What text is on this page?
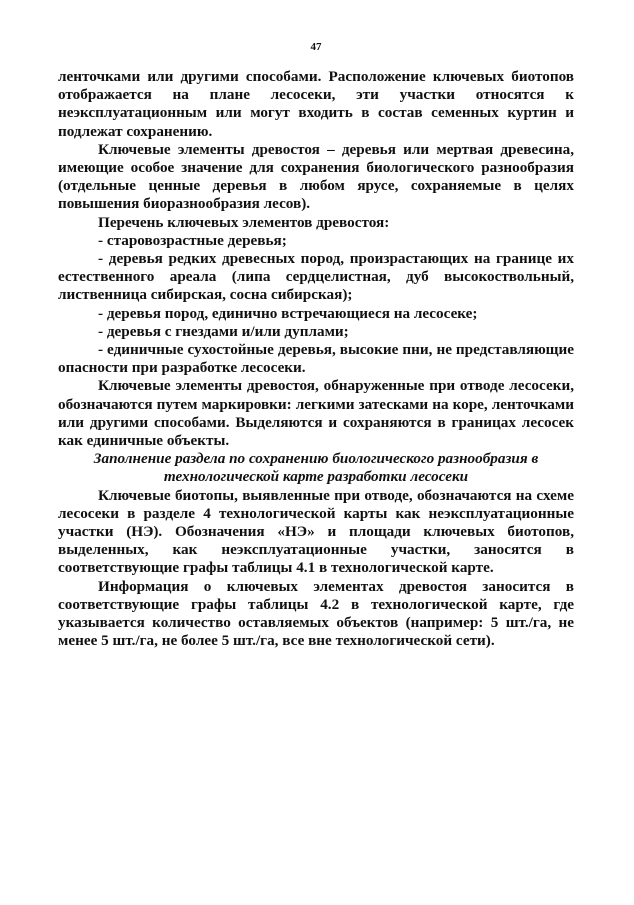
47

ленточками или другими способами. Расположение ключевых биотопов отображается на плане лесосеки, эти участки относятся к неэксплуатационным или могут входить в состав семенных куртин и подлежат сохранению.

Ключевые элементы древостоя – деревья или мертвая древесина, имеющие особое значение для сохранения биологического разнообразия (отдельные ценные деревья в любом ярусе, сохраняемые в целях повышения биоразнообразия лесов).

Перечень ключевых элементов древостоя:

- старовозрастные деревья;

- деревья редких древесных пород, произрастающих на границе их естественного ареала (липа сердцелистная, дуб высокоствольный, лиственница сибирская, сосна сибирская);

- деревья пород, единично встречающиеся на лесосеке;

- деревья с гнездами и/или дуплами;

- единичные сухостойные деревья, высокие пни, не представляющие опасности при разработке лесосеки.

Ключевые элементы древостоя, обнаруженные при отводе лесосеки, обозначаются путем маркировки: легкими затесками на коре, ленточками или другими способами. Выделяются и сохраняются в границах лесосек как единичные объекты.

Заполнение раздела по сохранению биологического разнообразия в технологической карте разработки лесосеки

Ключевые биотопы, выявленные при отводе, обозначаются на схеме лесосеки в разделе 4 технологической карты как неэксплуатационные участки (НЭ). Обозначения «НЭ» и площади ключевых биотопов, выделенных, как неэксплуатационные участки, заносятся в соответствующие графы таблицы 4.1 в технологической карте.

Информация о ключевых элементах древостоя заносится в соответствующие графы таблицы 4.2 в технологической карте, где указывается количество оставляемых объектов (например: 5 шт./га, не менее 5 шт./га, не более 5 шт./га, все вне технологической сети).
